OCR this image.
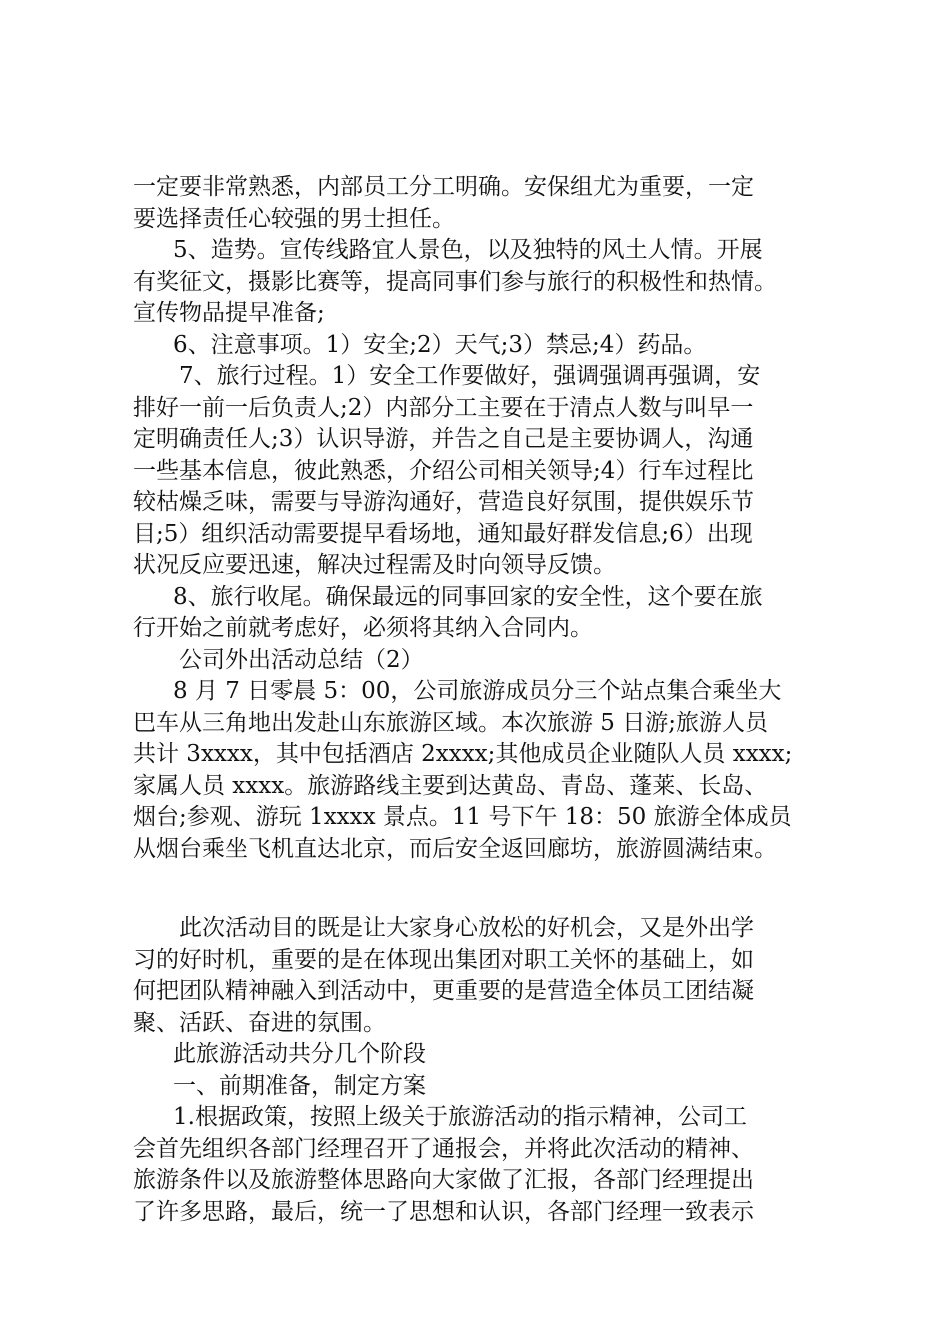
一定要非常熟悉，内部员工分工明确。安保组尤为重要，一定
要选择责任心较强的男士担任。
5、造势。宣传线路宜人景色，以及独特的风土人情。开展
有奖征文，摄影比赛等，提高同事们参与旅行的积极性和热情。
宣传物品提早准备;
6、注意事项。1）安全;2）天气;3）禁忌;4）药品。
7、旅行过程。1）安全工作要做好，强调强调再强调，安
排好一前一后负责人;2）内部分工主要在于清点人数与叫早一
定明确责任人;3）认识导游，并告之自己是主要协调人，沟通
一些基本信息，彼此熟悉，介绍公司相关领导;4）行车过程比
较枯燥乏味，需要与导游沟通好，营造良好氛围，提供娱乐节
目;5）组织活动需要提早看场地，通知最好群发信息;6）出现
状况反应要迅速，解决过程需及时向领导反馈。
8、旅行收尾。确保最远的同事回家的安全性，这个要在旅
行开始之前就考虑好，必须将其纳入合同内。
公司外出活动总结（2）
8 月 7 日零晨 5：00，公司旅游成员分三个站点集合乘坐大
巴车从三角地出发赴山东旅游区域。本次旅游 5 日游;旅游人员
共计 3xxxx，其中包括酒店 2xxxx;其他成员企业随队人员 xxxx;
家属人员 xxxx。旅游路线主要到达黄岛、青岛、蓬莱、长岛、
烟台;参观、游玩 1xxxx 景点。11 号下午 18：50 旅游全体成员
从烟台乘坐飞机直达北京，而后安全返回廊坊，旅游圆满结束。
此次活动目的既是让大家身心放松的好机会，又是外出学
习的好时机，重要的是在体现出集团对职工关怀的基础上，如
何把团队精神融入到活动中，更重要的是营造全体员工团结凝
聚、活跃、奋进的氛围。
此旅游活动共分几个阶段
一、前期准备，制定方案
1.根据政策，按照上级关于旅游活动的指示精神，公司工
会首先组织各部门经理召开了通报会，并将此次活动的精神、
旅游条件以及旅游整体思路向大家做了汇报，各部门经理提出
了许多思路，最后，统一了思想和认识，各部门经理一致表示
